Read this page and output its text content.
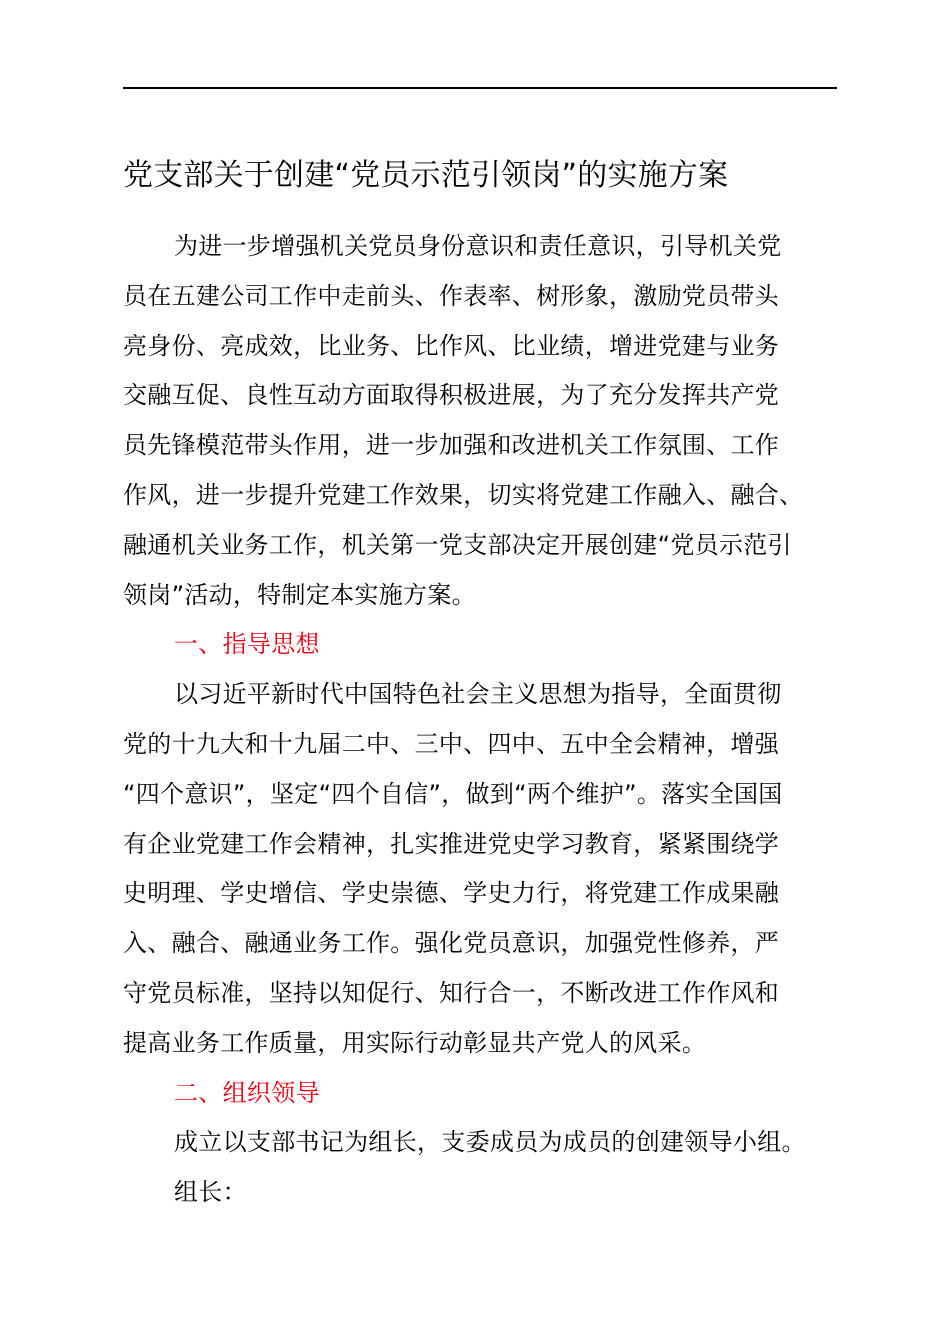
党支部关于创建“党员示范引领岗”的实施方案
为进一步增强机关党员身份意识和责任意识，引导机关党
员在五建公司工作中走前头、作表率、树形象，激励党员带头
亮身份、亮成效，比业务、比作风、比业绩，增进党建与业务
交融互促、良性互动方面取得积极进展，为了充分发挥共产党
员先锋模范带头作用，进一步加强和改进机关工作氛围、工作
作风，进一步提升党建工作效果，切实将党建工作融入、融合、
融通机关业务工作，机关第一党支部决定开展创建“党员示范引
领岗”活动，特制定本实施方案。
一、指导思想
以习近平新时代中国特色社会主义思想为指导，全面贯彻
党的十九大和十九届二中、三中、四中、五中全会精神，增强
“四个意识”，坚定“四个自信”，做到“两个维护”。落实全国国
有企业党建工作会精神，扎实推进党史学习教育，紧紧围绕学
史明理、学史增信、学史崇德、学史力行，将党建工作成果融
入、融合、融通业务工作。强化党员意识，加强党性修养，严
守党员标准，坚持以知促行、知行合一，不断改进工作作风和
提高业务工作质量，用实际行动彰显共产党人的风采。
二、组织领导
成立以支部书记为组长，支委成员为成员的创建领导小组。
组长：
